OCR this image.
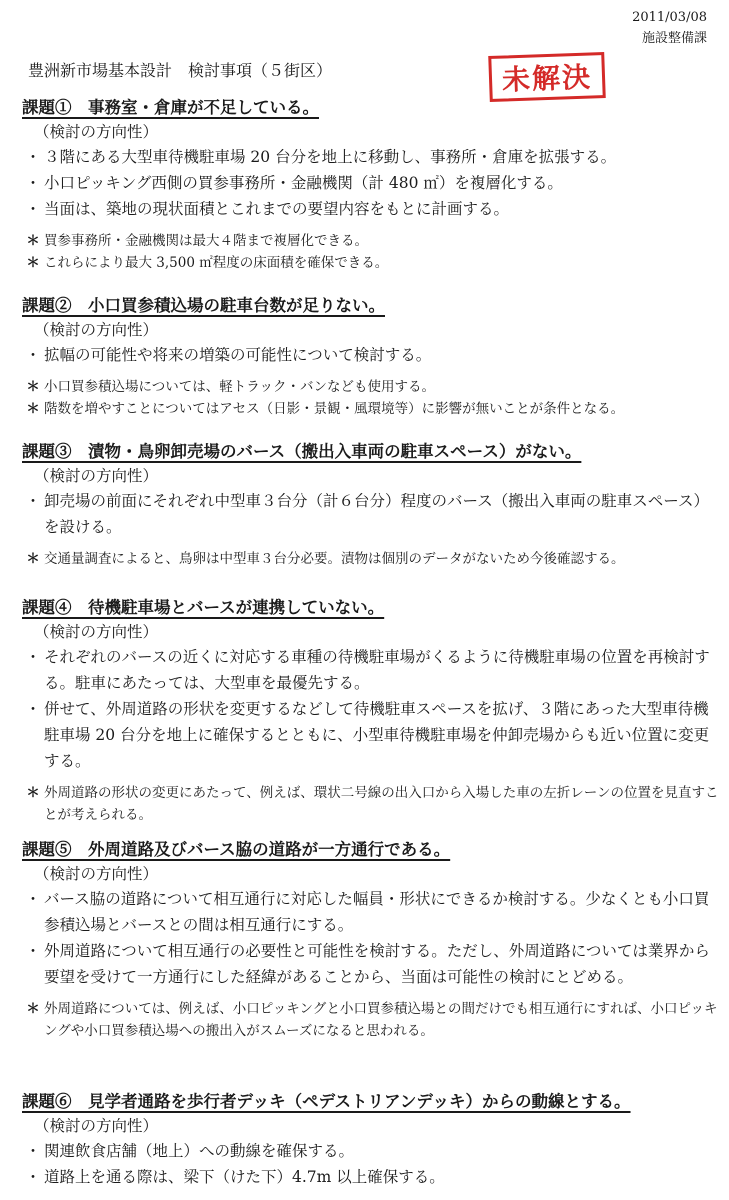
2011/03/08
施設整備課
豊洲新市場基本設計　検討事項（５街区）	未解決
課題①　事務室・倉庫が不足している。
（検討の方向性）
・ ３階にある大型車待機駐車場 20 台分を地上に移動し、事務所・倉庫を拡張する。
・ 小口ピッキング西側の買参事務所・金融機関（計 480 ㎡）を複層化する。
・ 当面は、築地の現状面積とこれまでの要望内容をもとに計画する。
＊ 買参事務所・金融機関は最大４階まで複層化できる。
＊ これらにより最大 3,500 ㎡程度の床面積を確保できる。
課題②　小口買参積込場の駐車台数が足りない。
（検討の方向性）
・ 拡幅の可能性や将来の増築の可能性について検討する。
＊ 小口買参積込場については、軽トラック・バンなども使用する。
＊ 階数を増やすことについてはアセス（日影・景観・風環境等）に影響が無いことが条件となる。
課題③　漬物・鳥卵卸売場のバース（搬出入車両の駐車スペース）がない。
（検討の方向性）
・ 卸売場の前面にそれぞれ中型車３台分（計６台分）程度のバース（搬出入車両の駐車スペース）を設ける。
＊ 交通量調査によると、鳥卵は中型車３台分必要。漬物は個別のデータがないため今後確認する。
課題④　待機駐車場とバースが連携していない。
（検討の方向性）
・ それぞれのバースの近くに対応する車種の待機駐車場がくるように待機駐車場の位置を再検討する。駐車にあたっては、大型車を最優先する。
・ 併せて、外周道路の形状を変更するなどして待機駐車スペースを拡げ、３階にあった大型車待機駐車場 20 台分を地上に確保するとともに、小型車待機駐車場を仲卸売場からも近い位置に変更する。
＊ 外周道路の形状の変更にあたって、例えば、環状二号線の出入口から入場した車の左折レーンの位置を見直すことが考えられる。
課題⑤　外周道路及びバース脇の道路が一方通行である。
（検討の方向性）
・ バース脇の道路について相互通行に対応した幅員・形状にできるか検討する。少なくとも小口買参積込場とバースとの間は相互通行にする。
・ 外周道路について相互通行の必要性と可能性を検討する。ただし、外周道路については業界から要望を受けて一方通行にした経緯があることから、当面は可能性の検討にとどめる。
＊ 外周道路については、例えば、小口ピッキングと小口買参積込場との間だけでも相互通行にすれば、小口ピッキングや小口買参積込場への搬出入がスムーズになると思われる。
課題⑥　見学者通路を歩行者デッキ（ペデストリアンデッキ）からの動線とする。
（検討の方向性）
・ 関連飲食店舗（地上）への動線を確保する。
・ 道路上を通る際は、梁下（けた下）4.7m 以上確保する。
